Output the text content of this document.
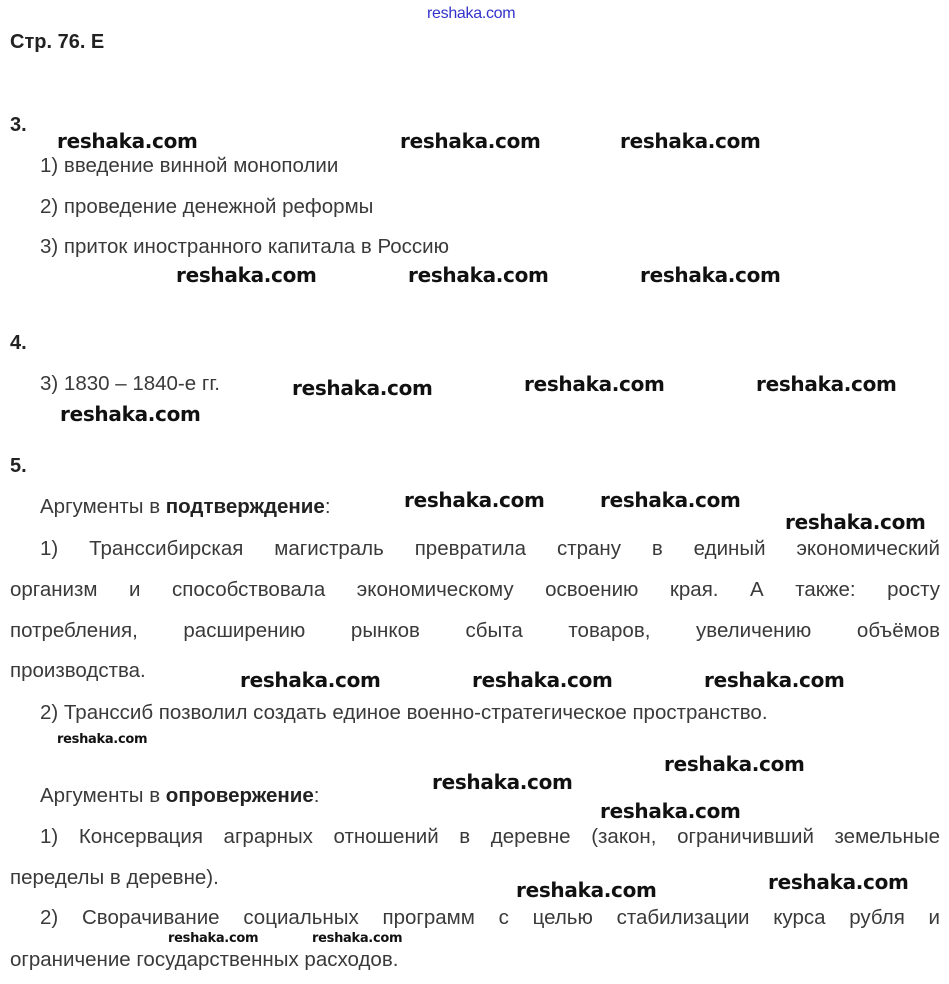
Стр. 76. Е
3.
1) введение винной монополии
2) проведение денежной реформы
3) приток иностранного капитала в Россию
4.
3) 1830 – 1840-е гг.
5.
Аргументы в подтверждение:
1) Транссибирская магистраль превратила страну в единый экономический
организм и способствовала экономическому освоению края. А также: росту
потребления, расширению рынков сбыта товаров, увеличению объёмов
производства.
2) Транссиб позволил создать единое военно-стратегическое пространство.
Аргументы в опровержение:
1) Консервация аграрных отношений в деревне (закон, ограничивший земельные
переделы в деревне).
2) Сворачивание социальных программ с целью стабилизации курса рубля и
ограничение государственных расходов.
reshaka.com
reshaka.com	reshaka.com	reshaka.com
reshaka.com	reshaka.com	reshaka.com
reshaka.com	reshaka.com	reshaka.com
reshaka.com
reshaka.com	reshaka.com
reshaka.com
reshaka.com
reshaka.com
reshaka.com
reshaka.com
reshaka.com
reshaka.com
reshaka.com
reshaka.com
reshaka.com
reshaka.com	reshaka.com
